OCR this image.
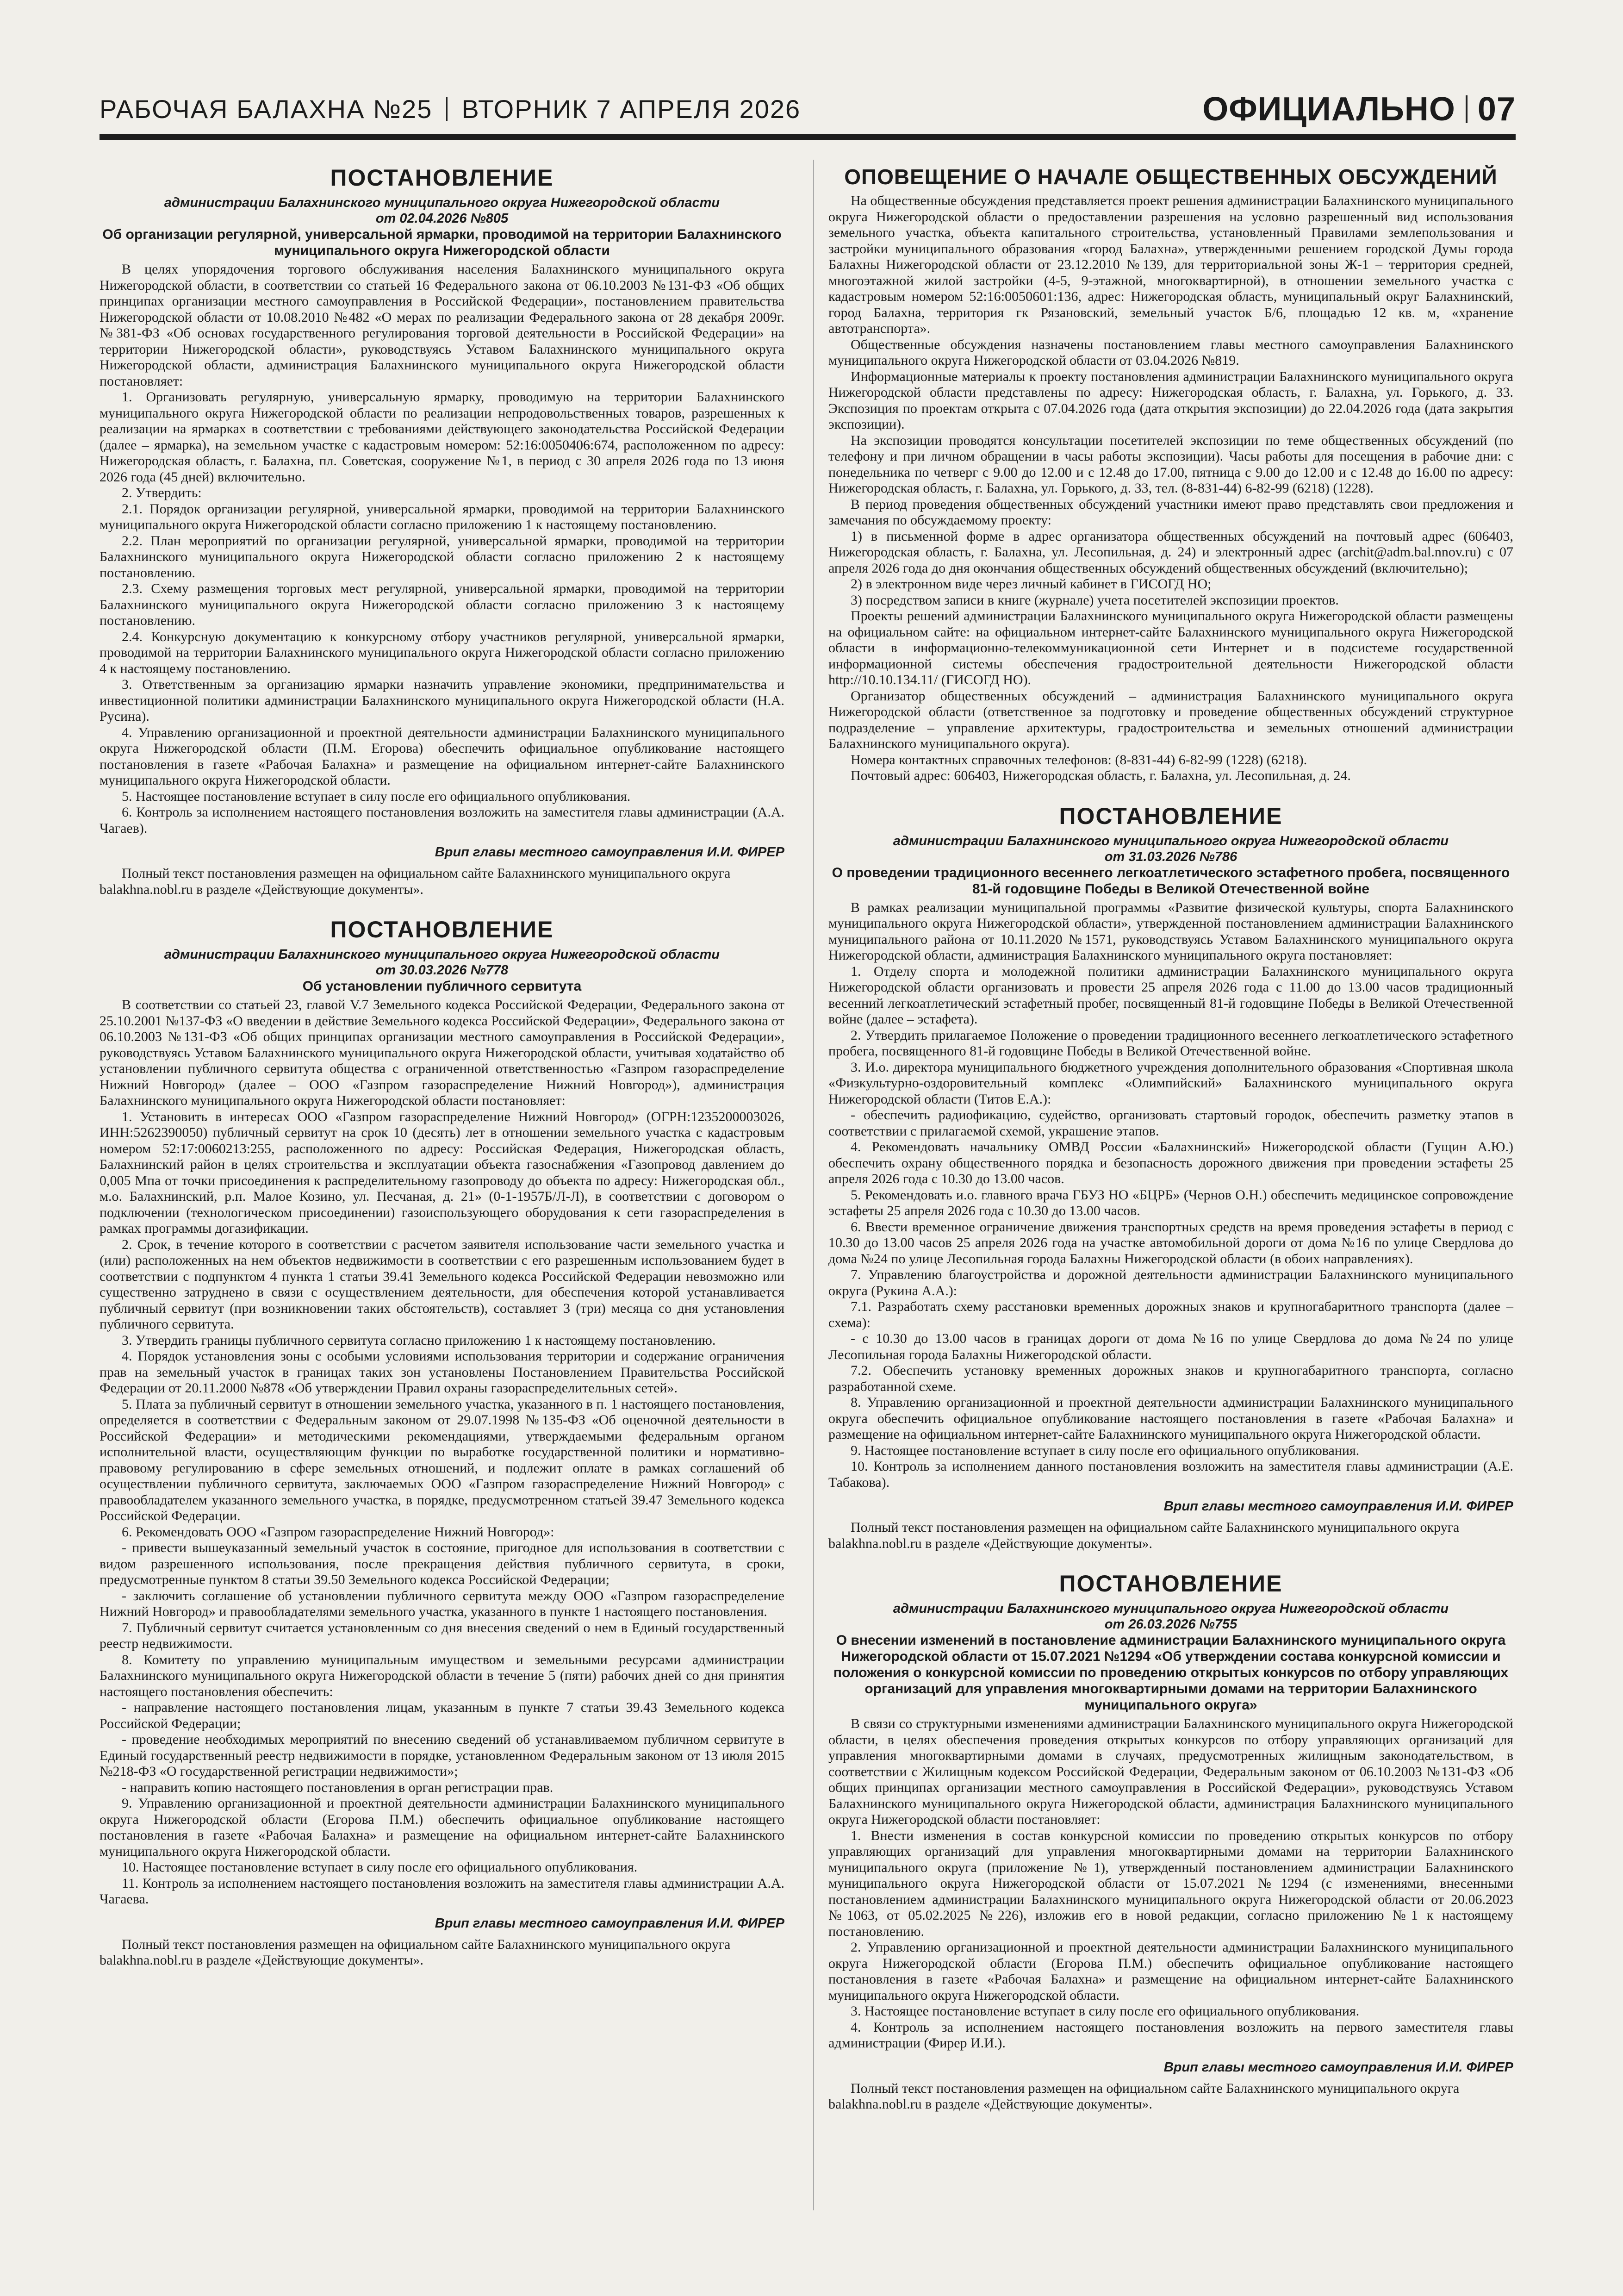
РАБОЧАЯ БАЛАХНА №25 ВТОРНИК 7 АПРЕЛЯ 2026	ОФИЦИАЛЬНО 07
ПОСТАНОВЛЕНИЕ
администрации Балахнинского муниципального округа Нижегородской области
от 02.04.2026 №805
Об организации регулярной, универсальной ярмарки, проводимой на территории Балахнинского муниципального округа Нижегородской области

В целях упорядочения торгового обслуживания населения Балахнинского муниципального округа Нижегородской области, в соответствии со статьей 16 Федерального закона от 06.10.2003 №131-ФЗ «Об общих принципах организации местного самоуправления в Российской Федерации», постановлением правительства Нижегородской области от 10.08.2010 №482 «О мерах по реализации Федерального закона от 28 декабря 2009г. №381-ФЗ «Об основах государственного регулирования торговой деятельности в Российской Федерации» на территории Нижегородской области», руководствуясь Уставом Балахнинского муниципального округа Нижегородской области, администрация Балахнинского муниципального округа Нижегородской области постановляет:

1. Организовать регулярную, универсальную ярмарку, проводимую на территории Балахнинского муниципального округа Нижегородской области по реализации непродовольственных товаров, разрешенных к реализации на ярмарках в соответствии с требованиями действующего законодательства Российской Федерации (далее – ярмарка), на земельном участке с кадастровым номером: 52:16:0050406:674, расположенном по адресу: Нижегородская область, г. Балахна, пл. Советская, сооружение №1, в период с 30 апреля 2026 года по 13 июня 2026 года (45 дней) включительно.

2. Утвердить:

2.1. Порядок организации регулярной, универсальной ярмарки, проводимой на территории Балахнинского муниципального округа Нижегородской области согласно приложению 1 к настоящему постановлению.

2.2. План мероприятий по организации регулярной, универсальной ярмарки, проводимой на территории Балахнинского муниципального округа Нижегородской области согласно приложению 2 к настоящему постановлению.

2.3. Схему размещения торговых мест регулярной, универсальной ярмарки, проводимой на территории Балахнинского муниципального округа Нижегородской области согласно приложению 3 к настоящему постановлению.

2.4. Конкурсную документацию к конкурсному отбору участников регулярной, универсальной ярмарки, проводимой на территории Балахнинского муниципального округа Нижегородской области согласно приложению 4 к настоящему постановлению.

3. Ответственным за организацию ярмарки назначить управление экономики, предпринимательства и инвестиционной политики администрации Балахнинского муниципального округа Нижегородской области (Н.А. Русина).

4. Управлению организационной и проектной деятельности администрации Балахнинского муниципального округа Нижегородской области (П.М. Егорова) обеспечить официальное опубликование настоящего постановления в газете «Рабочая Балахна» и размещение на официальном интернет-сайте Балахнинского муниципального округа Нижегородской области.

5. Настоящее постановление вступает в силу после его официального опубликования.

6. Контроль за исполнением настоящего постановления возложить на заместителя главы администрации (А.А. Чагаев).

Врип главы местного самоуправления И.И. ФИРЕР
Полный текст постановления размещен на официальном сайте Балахнинского муниципального округа balakhna.nobl.ru в разделе «Действующие документы».
ПОСТАНОВЛЕНИЕ
администрации Балахнинского муниципального округа Нижегородской области
от 30.03.2026 №778
Об установлении публичного сервитута

В соответствии со статьей 23, главой V.7 Земельного кодекса Российской Федерации, Федерального закона от 25.10.2001 №137-ФЗ «О введении в действие Земельного кодекса Российской Федерации», Федерального закона от 06.10.2003 №131-ФЗ «Об общих принципах организации местного самоуправления в Российской Федерации», руководствуясь Уставом Балахнинского муниципального округа Нижегородской области, учитывая ходатайство об установлении публичного сервитута общества с ограниченной ответственностью «Газпром газораспределение Нижний Новгород» (далее – ООО «Газпром газораспределение Нижний Новгород»), администрация Балахнинского муниципального округа Нижегородской области постановляет:

1. Установить в интересах ООО «Газпром газораспределение Нижний Новгород» (ОГРН:1235200003026, ИНН:5262390050) публичный сервитут на срок 10 (десять) лет в отношении земельного участка с кадастровым номером 52:17:0060213:255, расположенного по адресу: Российская Федерация, Нижегородская область, Балахнинский район в целях строительства и эксплуатации объекта газоснабжения «Газопровод давлением до 0,005 Мпа от точки присоединения к распределительному газопроводу до объекта по адресу: Нижегородская обл., м.о. Балахнинский, р.п. Малое Козино, ул. Песчаная, д. 21» (0-1-1957Б/Л-Л), в соответствии с договором о подключении (технологическом присоединении) газоиспользующего оборудования к сети газораспределения в рамках программы догазификации.

2. Срок, в течение которого в соответствии с расчетом заявителя использование части земельного участка и (или) расположенных на нем объектов недвижимости в соответствии с его разрешенным использованием будет в соответствии с подпунктом 4 пункта 1 статьи 39.41 Земельного кодекса Российской Федерации невозможно или существенно затруднено в связи с осуществлением деятельности, для обеспечения которой устанавливается публичный сервитут (при возникновении таких обстоятельств), составляет 3 (три) месяца со дня установления публичного сервитута.

3. Утвердить границы публичного сервитута согласно приложению 1 к настоящему постановлению.

4. Порядок установления зоны с особыми условиями использования территории и содержание ограничения прав на земельный участок в границах таких зон установлены Постановлением Правительства Российской Федерации от 20.11.2000 №878 «Об утверждении Правил охраны газораспределительных сетей».

5. Плата за публичный сервитут в отношении земельного участка, указанного в п. 1 настоящего постановления, определяется в соответствии с Федеральным законом от 29.07.1998 №135-ФЗ «Об оценочной деятельности в Российской Федерации» и методическими рекомендациями, утверждаемыми федеральным органом исполнительной власти, осуществляющим функции по выработке государственной политики и нормативно-правовому регулированию в сфере земельных отношений, и подлежит оплате в рамках соглашений об осуществлении публичного сервитута, заключаемых ООО «Газпром газораспределение Нижний Новгород» с правообладателем указанного земельного участка, в порядке, предусмотренном статьей 39.47 Земельного кодекса Российской Федерации.

6. Рекомендовать ООО «Газпром газораспределение Нижний Новгород»:

- привести вышеуказанный земельный участок в состояние, пригодное для использования в соответствии с видом разрешенного использования, после прекращения действия публичного сервитута, в сроки, предусмотренные пунктом 8 статьи 39.50 Земельного кодекса Российской Федерации;

- заключить соглашение об установлении публичного сервитута между ООО «Газпром газораспределение Нижний Новгород» и правообладателями земельного участка, указанного в пункте 1 настоящего постановления.

7. Публичный сервитут считается установленным со дня внесения сведений о нем в Единый государственный реестр недвижимости.

8. Комитету по управлению муниципальным имуществом и земельными ресурсами администрации Балахнинского муниципального округа Нижегородской области в течение 5 (пяти) рабочих дней со дня принятия настоящего постановления обеспечить:

- направление настоящего постановления лицам, указанным в пункте 7 статьи 39.43 Земельного кодекса Российской Федерации;

- проведение необходимых мероприятий по внесению сведений об устанавливаемом публичном сервитуте в Единый государственный реестр недвижимости в порядке, установленном Федеральным законом от 13 июля 2015 №218-ФЗ «О государственной регистрации недвижимости»;

- направить копию настоящего постановления в орган регистрации прав.

9. Управлению организационной и проектной деятельности администрации Балахнинского муниципального округа Нижегородской области (Егорова П.М.) обеспечить официальное опубликование настоящего постановления в газете «Рабочая Балахна» и размещение на официальном интернет-сайте Балахнинского муниципального округа Нижегородской области.

10. Настоящее постановление вступает в силу после его официального опубликования.

11. Контроль за исполнением настоящего постановления возложить на заместителя главы администрации А.А. Чагаева.

Врип главы местного самоуправления И.И. ФИРЕР
Полный текст постановления размещен на официальном сайте Балахнинского муниципального округа balakhna.nobl.ru в разделе «Действующие документы».
ОПОВЕЩЕНИЕ О НАЧАЛЕ ОБЩЕСТВЕННЫХ ОБСУЖДЕНИЙ

На общественные обсуждения представляется проект решения администрации Балахнинского муниципального округа Нижегородской области о предоставлении разрешения на условно разрешенный вид использования земельного участка, объекта капитального строительства, установленный Правилами землепользования и застройки муниципального образования «город Балахна», утвержденными решением городской Думы города Балахны Нижегородской области от 23.12.2010 №139, для территориальной зоны Ж-1 – территория средней, многоэтажной жилой застройки (4-5, 9-этажной, многоквартирной), в отношении земельного участка с кадастровым номером 52:16:0050601:136, адрес: Нижегородская область, муниципальный округ Балахнинский, город Балахна, территория гк Рязановский, земельный участок Б/6, площадью 12 кв. м, «хранение автотранспорта».

Общественные обсуждения назначены постановлением главы местного самоуправления Балахнинского муниципального округа Нижегородской области от 03.04.2026 №819.

Информационные материалы к проекту постановления администрации Балахнинского муниципального округа Нижегородской области представлены по адресу: Нижегородская область, г. Балахна, ул. Горького, д. 33. Экспозиция по проектам открыта с 07.04.2026 года (дата открытия экспозиции) до 22.04.2026 года (дата закрытия экспозиции).

На экспозиции проводятся консультации посетителей экспозиции по теме общественных обсуждений (по телефону и при личном обращении в часы работы экспозиции). Часы работы для посещения в рабочие дни: с понедельника по четверг с 9.00 до 12.00 и с 12.48 до 17.00, пятница с 9.00 до 12.00 и с 12.48 до 16.00 по адресу: Нижегородская область, г. Балахна, ул. Горького, д. 33, тел. (8-831-44) 6-82-99 (6218) (1228).

В период проведения общественных обсуждений участники имеют право представлять свои предложения и замечания по обсуждаемому проекту:

1) в письменной форме в адрес организатора общественных обсуждений на почтовый адрес (606403, Нижегородская область, г. Балахна, ул. Лесопильная, д. 24) и электронный адрес (archit@adm.bal.nnov.ru) с 07 апреля 2026 года до дня окончания общественных обсуждений общественных обсуждений (включительно);

2) в электронном виде через личный кабинет в ГИСОГД НО;

3) посредством записи в книге (журнале) учета посетителей экспозиции проектов.

Проекты решений администрации Балахнинского муниципального округа Нижегородской области размещены на официальном сайте: на официальном интернет-сайте Балахнинского муниципального округа Нижегородской области в информационно-телекоммуникационной сети Интернет и в подсистеме государственной информационной системы обеспечения градостроительной деятельности Нижегородской области http://10.10.134.11/ (ГИСОГД НО).

Организатор общественных обсуждений – администрация Балахнинского муниципального округа Нижегородской области (ответственное за подготовку и проведение общественных обсуждений структурное подразделение – управление архитектуры, градостроительства и земельных отношений администрации Балахнинского муниципального округа).

Номера контактных справочных телефонов: (8-831-44) 6-82-99 (1228) (6218).

Почтовый адрес: 606403, Нижегородская область, г. Балахна, ул. Лесопильная, д. 24.

ПОСТАНОВЛЕНИЕ
администрации Балахнинского муниципального округа Нижегородской области
от 31.03.2026 №786
О проведении традиционного весеннего легкоатлетического эстафетного пробега, посвященного 81-й годовщине Победы в Великой Отечественной войне

В рамках реализации муниципальной программы «Развитие физической культуры, спорта Балахнинского муниципального округа Нижегородской области», утвержденной постановлением администрации Балахнинского муниципального района от 10.11.2020 №1571, руководствуясь Уставом Балахнинского муниципального округа Нижегородской области, администрация Балахнинского муниципального округа постановляет:

1. Отделу спорта и молодежной политики администрации Балахнинского муниципального округа Нижегородской области организовать и провести 25 апреля 2026 года с 11.00 до 13.00 часов традиционный весенний легкоатлетический эстафетный пробег, посвященный 81-й годовщине Победы в Великой Отечественной войне (далее – эстафета).

2. Утвердить прилагаемое Положение о проведении традиционного весеннего легкоатлетического эстафетного пробега, посвященного 81-й годовщине Победы в Великой Отечественной войне.

3. И.о. директора муниципального бюджетного учреждения дополнительного образования «Спортивная школа «Физкультурно-оздоровительный комплекс «Олимпийский» Балахнинского муниципального округа Нижегородской области (Титов Е.А.):

- обеспечить радиофикацию, судейство, организовать стартовый городок, обеспечить разметку этапов в соответствии с прилагаемой схемой, украшение этапов.

4. Рекомендовать начальнику ОМВД России «Балахнинский» Нижегородской области (Гущин А.Ю.) обеспечить охрану общественного порядка и безопасность дорожного движения при проведении эстафеты 25 апреля 2026 года с 10.30 до 13.00 часов.

5. Рекомендовать и.о. главного врача ГБУЗ НО «БЦРБ» (Чернов О.Н.) обеспечить медицинское сопровождение эстафеты 25 апреля 2026 года с 10.30 до 13.00 часов.

6. Ввести временное ограничение движения транспортных средств на время проведения эстафеты в период с 10.30 до 13.00 часов 25 апреля 2026 года на участке автомобильной дороги от дома №16 по улице Свердлова до дома №24 по улице Лесопильная города Балахны Нижегородской области (в обоих направлениях).

7. Управлению благоустройства и дорожной деятельности администрации Балахнинского муниципального округа (Рукина А.А.):

7.1. Разработать схему расстановки временных дорожных знаков и крупногабаритного транспорта (далее – схема):

- с 10.30 до 13.00 часов в границах дороги от дома №16 по улице Свердлова до дома №24 по улице Лесопильная города Балахны Нижегородской области.

7.2. Обеспечить установку временных дорожных знаков и крупногабаритного транспорта, согласно разработанной схеме.

8. Управлению организационной и проектной деятельности администрации Балахнинского муниципального округа обеспечить официальное опубликование настоящего постановления в газете «Рабочая Балахна» и размещение на официальном интернет-сайте Балахнинского муниципального округа Нижегородской области.

9. Настоящее постановление вступает в силу после его официального опубликования.

10. Контроль за исполнением данного постановления возложить на заместителя главы администрации (А.Е. Табакова).

Врип главы местного самоуправления И.И. ФИРЕР
Полный текст постановления размещен на официальном сайте Балахнинского муниципального округа balakhna.nobl.ru в разделе «Действующие документы».
ПОСТАНОВЛЕНИЕ
администрации Балахнинского муниципального округа Нижегородской области
от 26.03.2026 №755
О внесении изменений в постановление администрации Балахнинского муниципального округа Нижегородской области от 15.07.2021 №1294 «Об утверждении состава конкурсной комиссии и положения о конкурсной комиссии по проведению открытых конкурсов по отбору управляющих организаций для управления многоквартирными домами на территории Балахнинского муниципального округа»

В связи со структурными изменениями администрации Балахнинского муниципального округа Нижегородской области, в целях обеспечения проведения открытых конкурсов по отбору управляющих организаций для управления многоквартирными домами в случаях, предусмотренных жилищным законодательством, в соответствии с Жилищным кодексом Российской Федерации, Федеральным законом от 06.10.2003 №131-ФЗ «Об общих принципах организации местного самоуправления в Российской Федерации», руководствуясь Уставом Балахнинского муниципального округа Нижегородской области, администрация Балахнинского муниципального округа Нижегородской области постановляет:

1. Внести изменения в состав конкурсной комиссии по проведению открытых конкурсов по отбору управляющих организаций для управления многоквартирными домами на территории Балахнинского муниципального округа (приложение №1), утвержденный постановлением администрации Балахнинского муниципального округа Нижегородской области от 15.07.2021 №1294 (с изменениями, внесенными постановлением администрации Балахнинского муниципального округа Нижегородской области от 20.06.2023 №1063, от 05.02.2025 №226), изложив его в новой редакции, согласно приложению №1 к настоящему постановлению.

2. Управлению организационной и проектной деятельности администрации Балахнинского муниципального округа Нижегородской области (Егорова П.М.) обеспечить официальное опубликование настоящего постановления в газете «Рабочая Балахна» и размещение на официальном интернет-сайте Балахнинского муниципального округа Нижегородской области.

3. Настоящее постановление вступает в силу после его официального опубликования.

4. Контроль за исполнением настоящего постановления возложить на первого заместителя главы администрации (Фирер И.И.).

Врип главы местного самоуправления И.И. ФИРЕР
Полный текст постановления размещен на официальном сайте Балахнинского муниципального округа balakhna.nobl.ru в разделе «Действующие документы».
